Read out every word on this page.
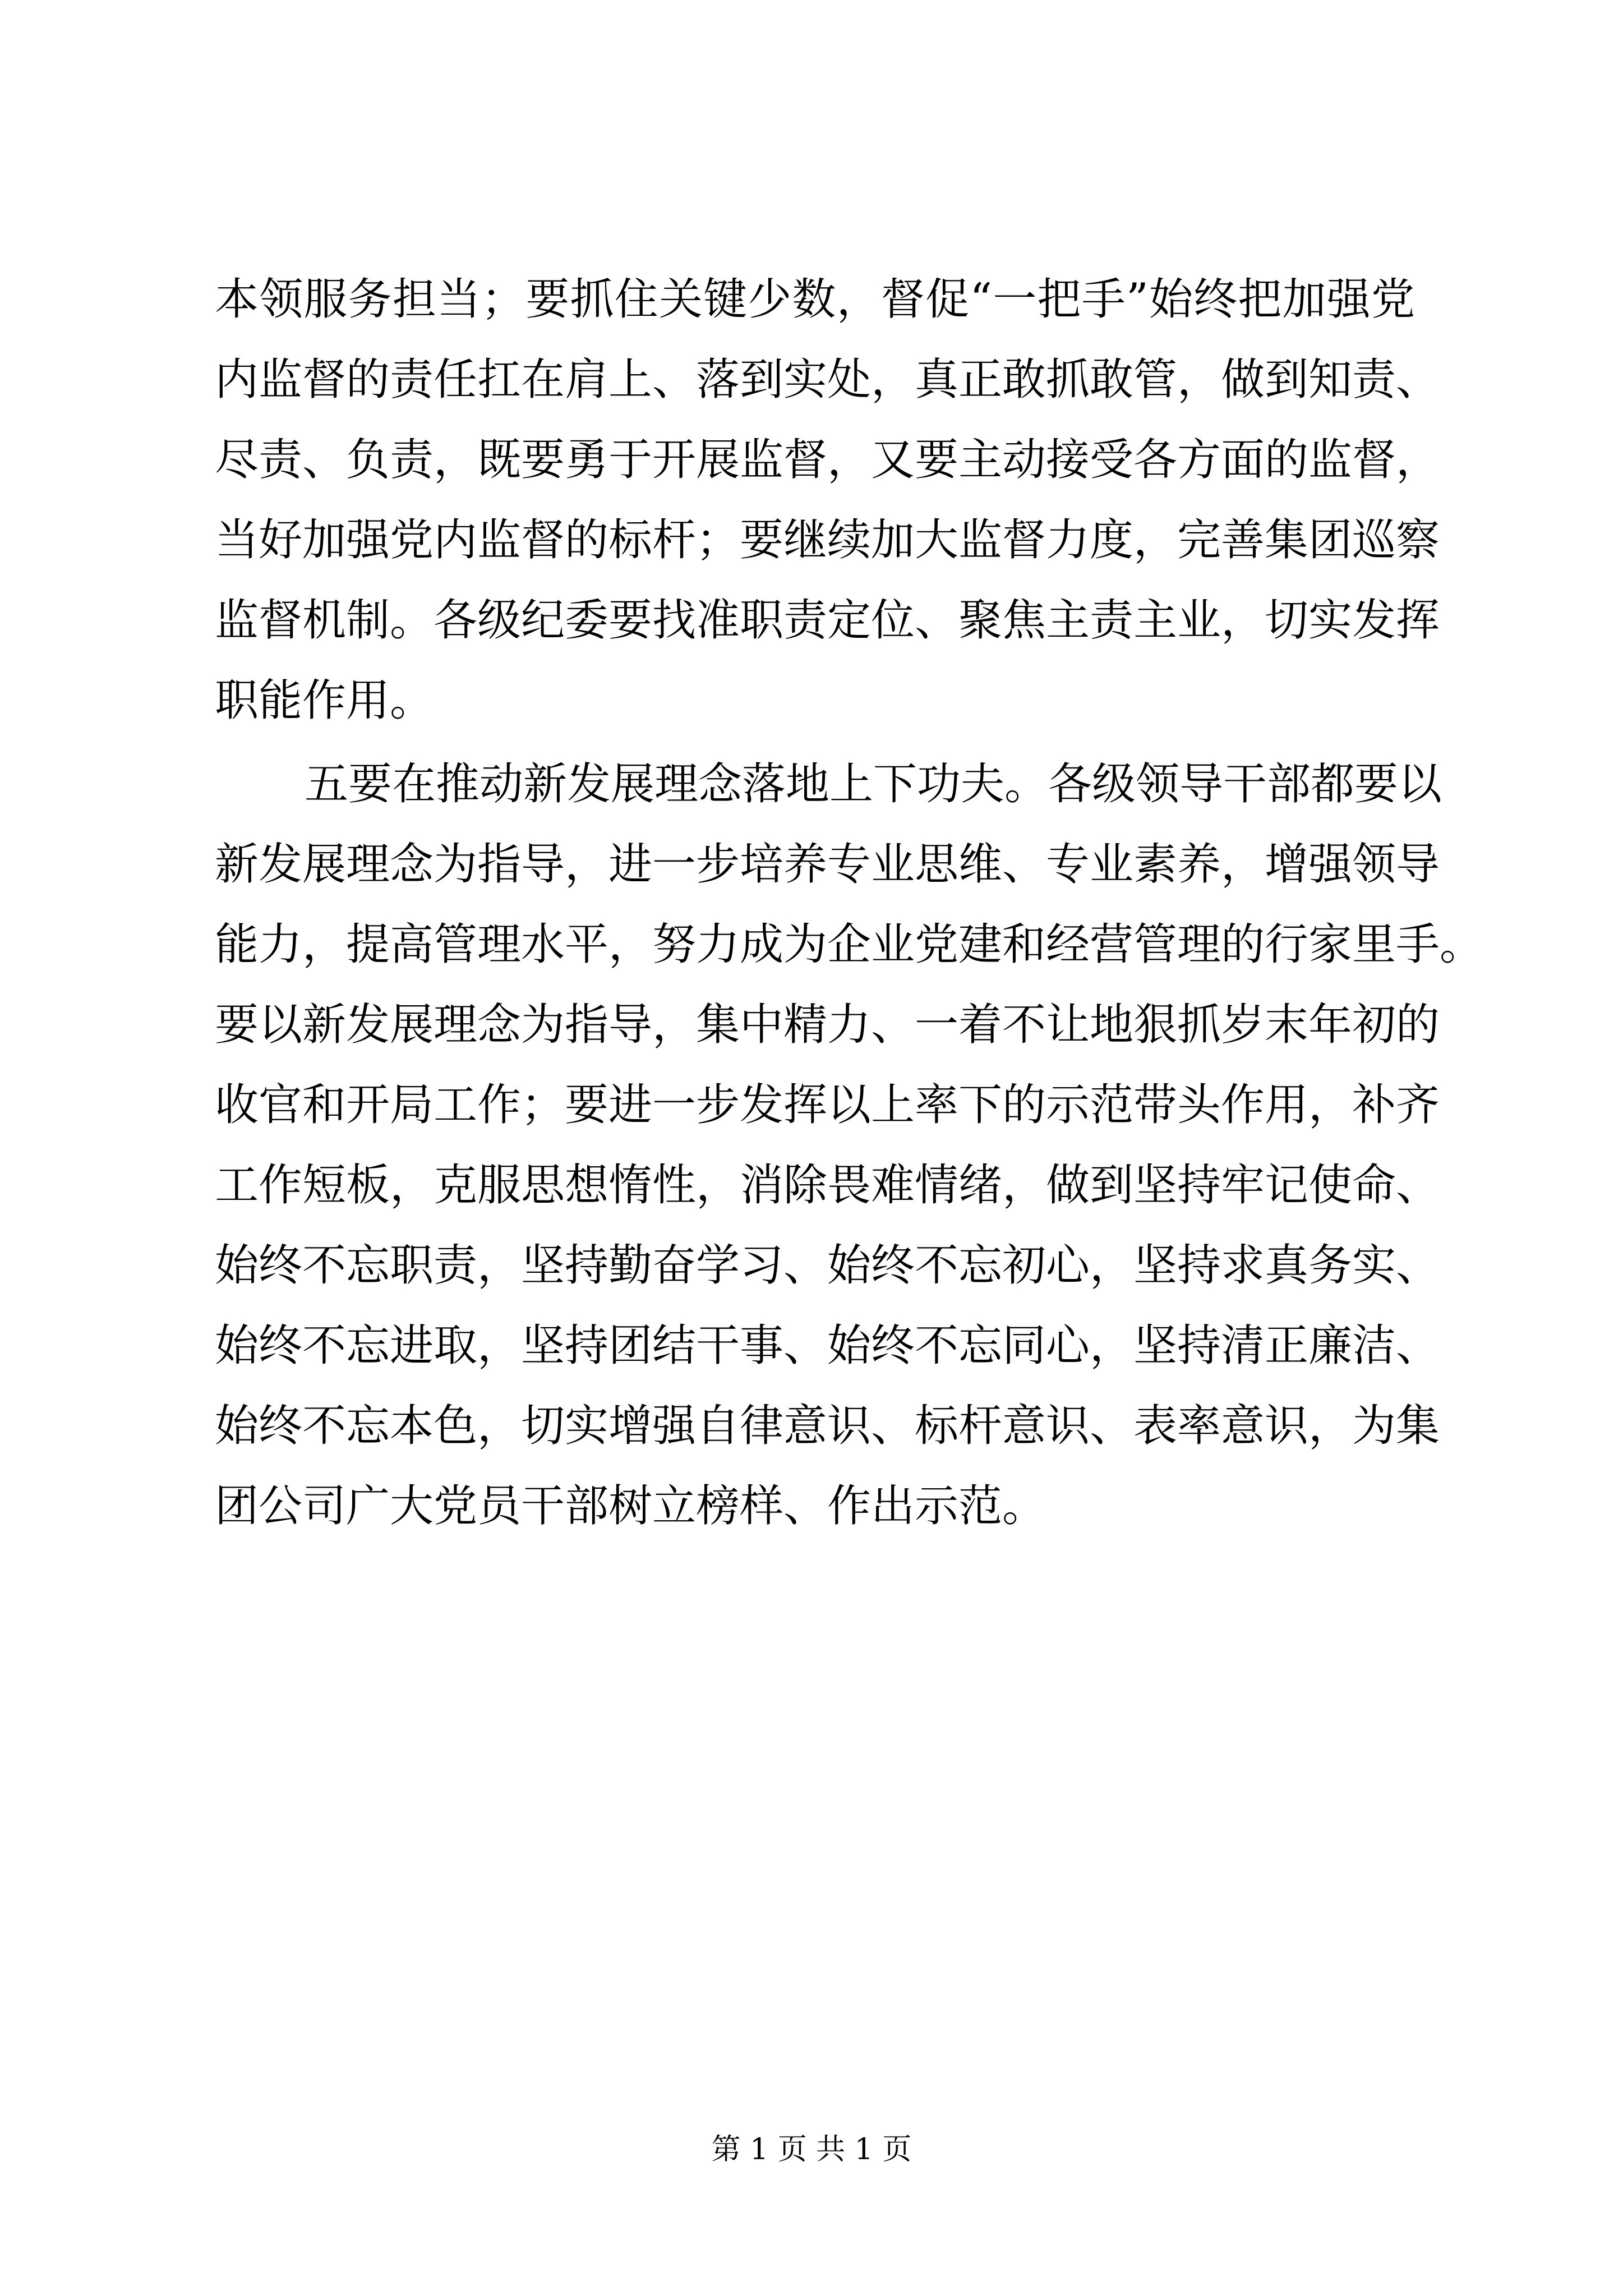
本领服务担当；要抓住关键少数，督促“一把手”始终把加强党
内监督的责任扛在肩上、落到实处，真正敢抓敢管，做到知责、
尽责、负责，既要勇于开展监督，又要主动接受各方面的监督，
当好加强党内监督的标杆；要继续加大监督力度，完善集团巡察
监督机制。各级纪委要找准职责定位、聚焦主责主业，切实发挥
职能作用。
五要在推动新发展理念落地上下功夫。各级领导干部都要以
新发展理念为指导，进一步培养专业思维、专业素养，增强领导
能力，提高管理水平，努力成为企业党建和经营管理的行家里手。
要以新发展理念为指导，集中精力、一着不让地狠抓岁末年初的
收官和开局工作；要进一步发挥以上率下的示范带头作用，补齐
工作短板，克服思想惰性，消除畏难情绪，做到坚持牢记使命、
始终不忘职责，坚持勤奋学习、始终不忘初心，坚持求真务实、
始终不忘进取，坚持团结干事、始终不忘同心，坚持清正廉洁、
始终不忘本色，切实增强自律意识、标杆意识、表率意识，为集
团公司广大党员干部树立榜样、作出示范。
第 1 页 共 1 页
